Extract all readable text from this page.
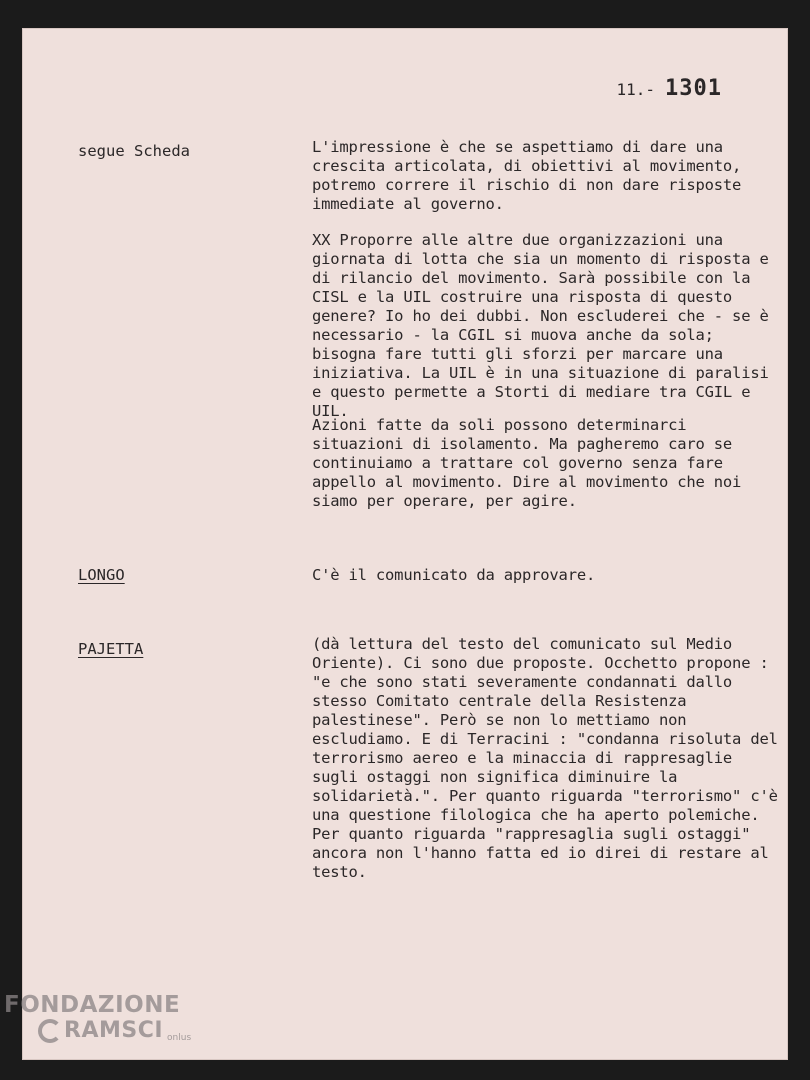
11.- 1301
segue Scheda	L'impressione è che se aspettiamo di dare una crescita articolata, di obiettivi al movimento, potremo correre il rischio di non dare risposte immediate al governo.
XX Proporre alle altre due organizzazioni una giornata di lotta che sia un momento di risposta e di rilancio del movimento. Sarà possibile con la CISL e la UIL costruire una risposta di questo genere? Io ho dei dubbi. Non escluderei che - se è necessario - la CGIL si muova anche da sola; bisogna fare tutti gli sforzi per marcare una iniziativa. La UIL è in una situazione di paralisi e questo permette a Storti di mediare tra CGIL e UIL.
Azioni fatte da soli possono determinarci situazioni di isolamento. Ma pagheremo caro se continuiamo a trattare col governo senza fare appello al movimento. Dire al movimento che noi siamo per operare, per agire.
LONGO	C'è il comunicato da approvare.
PAJETTA	(dà lettura del testo del comunicato sul Medio Oriente). Ci sono due proposte. Occhetto propone : "e che sono stati severamente condannati dallo stesso Comitato centrale della Resistenza palestinese". Però se non lo mettiamo non escludiamo. E di Terracini : "condanna risoluta del terrorismo aereo e la minaccia di rappresaglie sugli ostaggi non significa diminuire la solidarietà.". Per quanto riguarda "terrorismo" c'è una questione filologica che ha aperto polemiche. Per quanto riguarda "rappresaglia sugli ostaggi" ancora non l'hanno fatta ed io direi di restare al testo.
FONDAZIONE
RAMSCI onlus
